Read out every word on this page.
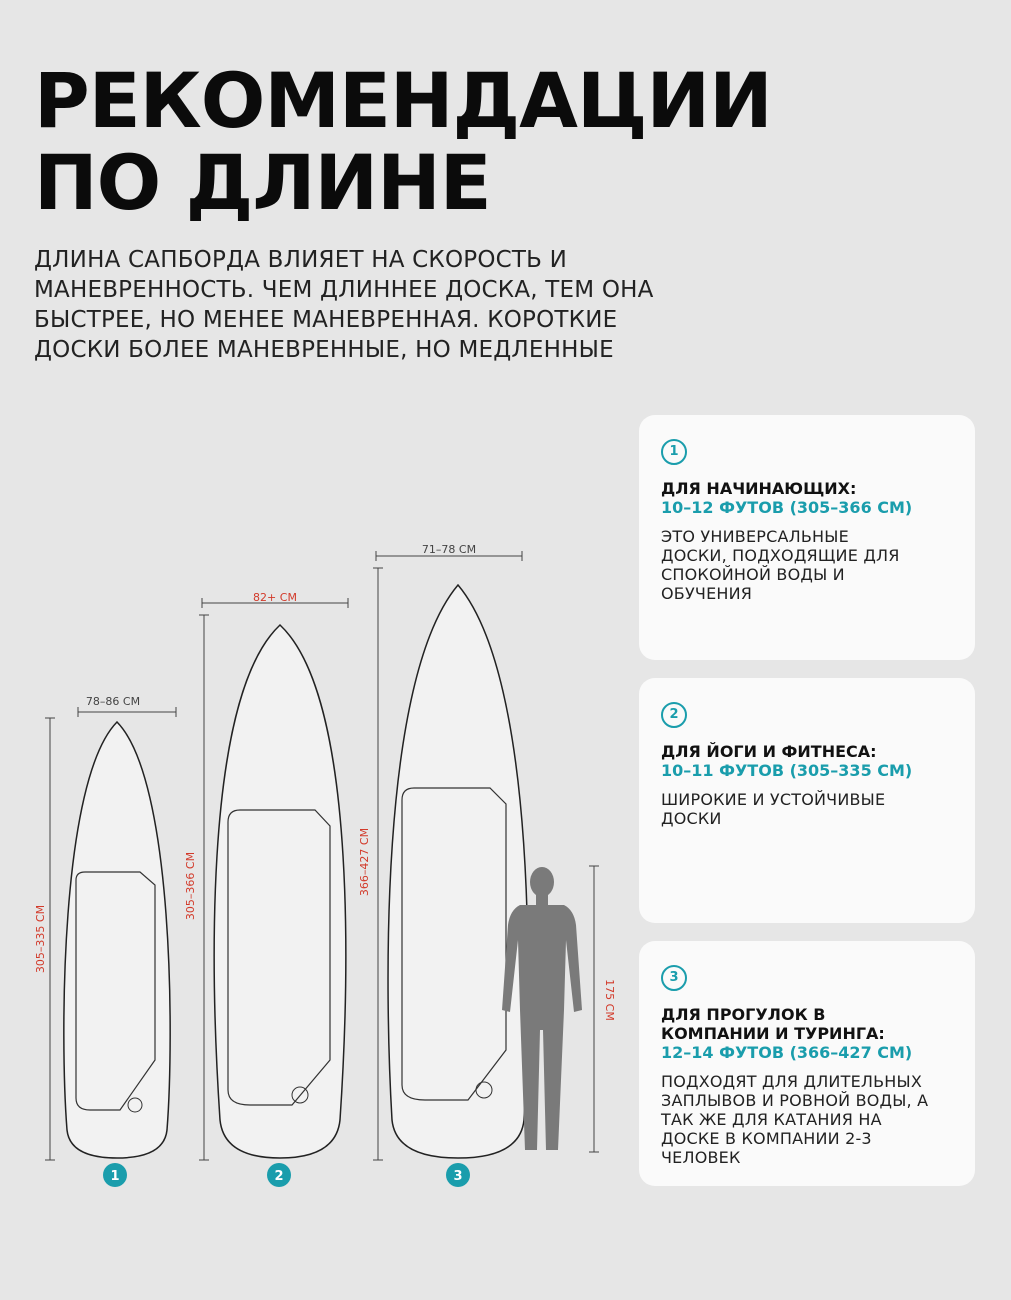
РЕКОМЕНДАЦИИ
ПО ДЛИНЕ
ДЛИНА САПБОРДА ВЛИЯЕТ НА СКОРОСТЬ И МАНЕВРЕННОСТЬ. ЧЕМ ДЛИННЕЕ ДОСКА, ТЕМ ОНА БЫСТРЕЕ, НО МЕНЕЕ МАНЕВРЕННАЯ. КОРОТКИЕ ДОСКИ БОЛЕЕ МАНЕВРЕННЫЕ, НО МЕДЛЕННЫЕ
78–86 СМ
305–335 СМ
1
82+ СМ
305–366 СМ
2
71–78 СМ
366–427 СМ
3
175 СМ
1
ДЛЯ НАЧИНАЮЩИХ:
10–12 ФУТОВ (305–366 СМ)
ЭТО УНИВЕРСАЛЬНЫЕ ДОСКИ, ПОДХОДЯЩИЕ ДЛЯ СПОКОЙНОЙ ВОДЫ И ОБУЧЕНИЯ
2
ДЛЯ ЙОГИ И ФИТНЕСА:
10–11 ФУТОВ (305–335 СМ)
ШИРОКИЕ И УСТОЙЧИВЫЕ ДОСКИ
3
ДЛЯ ПРОГУЛОК В КОМПАНИИ И ТУРИНГА:
12–14 ФУТОВ (366–427 СМ)
ПОДХОДЯТ ДЛЯ ДЛИТЕЛЬНЫХ ЗАПЛЫВОВ И РОВНОЙ ВОДЫ, А ТАК ЖЕ ДЛЯ КАТАНИЯ НА ДОСКЕ В КОМПАНИИ 2-3 ЧЕЛОВЕК
